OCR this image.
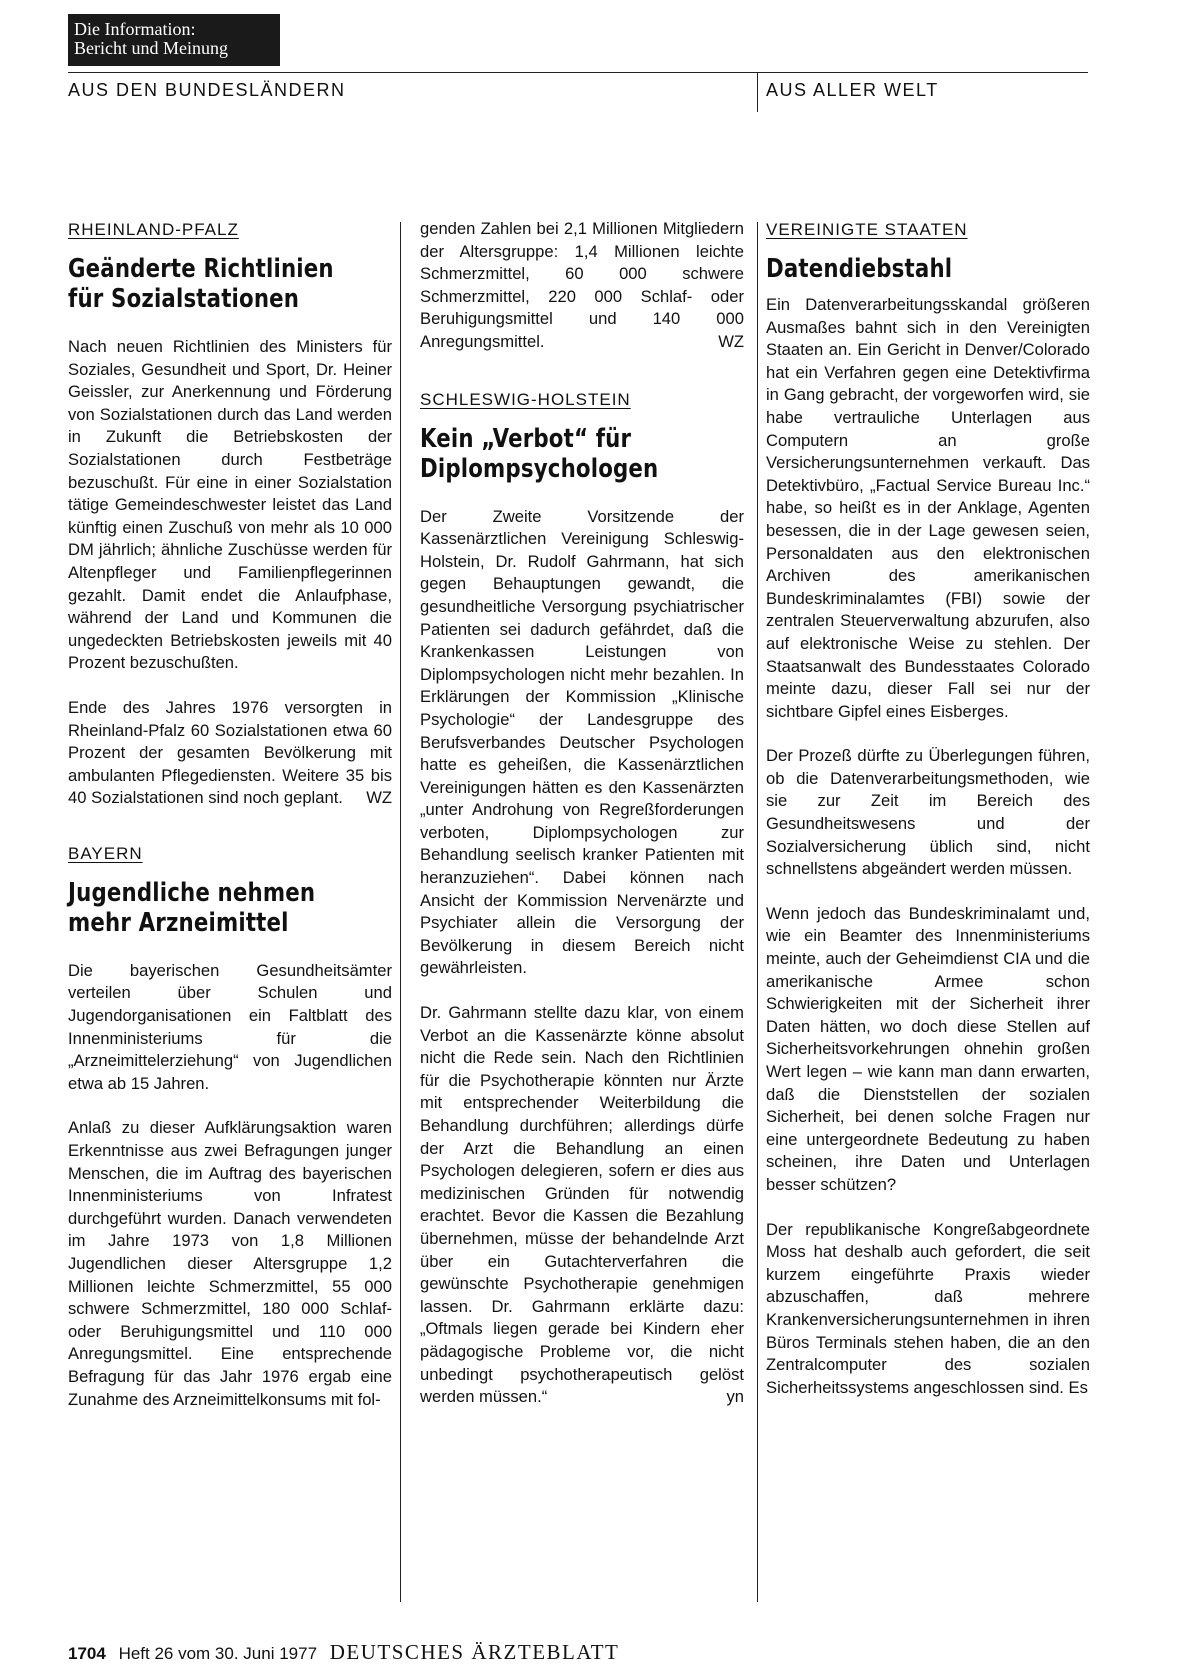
Die Information:
Bericht und Meinung
AUS DEN BUNDESLÄNDERN	AUS ALLER WELT
RHEINLAND-PFALZ
Geänderte Richtlinien
für Sozialstationen

Nach neuen Richtlinien des Ministers für Soziales, Gesundheit und Sport, Dr. Heiner Geissler, zur Anerkennung und Förderung von Sozialstationen durch das Land werden in Zukunft die Betriebskosten der Sozialstationen durch Festbeträge bezuschußt. Für eine in einer Sozialstation tätige Gemeindeschwester leistet das Land künftig einen Zuschuß von mehr als 10 000 DM jährlich; ähnliche Zuschüsse werden für Altenpfleger und Familienpflegerinnen gezahlt. Damit endet die Anlaufphase, während der Land und Kommunen die ungedeckten Betriebskosten jeweils mit 40 Prozent bezuschußten.

Ende des Jahres 1976 versorgten in Rheinland-Pfalz 60 Sozialstationen etwa 60 Prozent der gesamten Bevölkerung mit ambulanten Pflegediensten. Weitere 35 bis 40 Sozialstationen sind noch geplant. WZ

BAYERN
Jugendliche nehmen
mehr Arzneimittel

Die bayerischen Gesundheitsämter verteilen über Schulen und Jugendorganisationen ein Faltblatt des Innenministeriums für die „Arzneimittelerziehung“ von Jugendlichen etwa ab 15 Jahren.

Anlaß zu dieser Aufklärungsaktion waren Erkenntnisse aus zwei Befragungen junger Menschen, die im Auftrag des bayerischen Innenministeriums von Infratest durchgeführt wurden. Danach verwendeten im Jahre 1973 von 1,8 Millionen Jugendlichen dieser Altersgruppe 1,2 Millionen leichte Schmerzmittel, 55 000 schwere Schmerzmittel, 180 000 Schlaf- oder Beruhigungsmittel und 110 000 Anregungsmittel. Eine entsprechende Befragung für das Jahr 1976 ergab eine Zunahme des Arzneimittelkonsums mit fol-

genden Zahlen bei 2,1 Millionen Mitgliedern der Altersgruppe: 1,4 Millionen leichte Schmerzmittel, 60 000 schwere Schmerzmittel, 220 000 Schlaf- oder Beruhigungsmittel und 140 000 Anregungsmittel.	WZ

SCHLESWIG-HOLSTEIN
Kein „Verbot“ für
Diplompsychologen

Der Zweite Vorsitzende der Kassenärztlichen Vereinigung Schleswig-Holstein, Dr. Rudolf Gahrmann, hat sich gegen Behauptungen gewandt, die gesundheitliche Versorgung psychiatrischer Patienten sei dadurch gefährdet, daß die Krankenkassen Leistungen von Diplompsychologen nicht mehr bezahlen. In Erklärungen der Kommission „Klinische Psychologie“ der Landesgruppe des Berufsverbandes Deutscher Psychologen hatte es geheißen, die Kassenärztlichen Vereinigungen hätten es den Kassenärzten „unter Androhung von Regreßforderungen verboten, Diplompsychologen zur Behandlung seelisch kranker Patienten mit heranzuziehen“. Dabei können nach Ansicht der Kommission Nervenärzte und Psychiater allein die Versorgung der Bevölkerung in diesem Bereich nicht gewährleisten.

Dr. Gahrmann stellte dazu klar, von einem Verbot an die Kassenärzte könne absolut nicht die Rede sein. Nach den Richtlinien für die Psychotherapie könnten nur Ärzte mit entsprechender Weiterbildung die Behandlung durchführen; allerdings dürfe der Arzt die Behandlung an einen Psychologen delegieren, sofern er dies aus medizinischen Gründen für notwendig erachtet. Bevor die Kassen die Bezahlung übernehmen, müsse der behandelnde Arzt über ein Gutachterverfahren die gewünschte Psychotherapie genehmigen lassen. Dr. Gahrmann erklärte dazu: „Oftmals liegen gerade bei Kindern eher pädagogische Probleme vor, die nicht unbedingt psychotherapeutisch gelöst werden müssen.“	yn

VEREINIGTE STAATEN
Datendiebstahl

Ein Datenverarbeitungsskandal größeren Ausmaßes bahnt sich in den Vereinigten Staaten an. Ein Gericht in Denver/Colorado hat ein Verfahren gegen eine Detektivfirma in Gang gebracht, der vorgeworfen wird, sie habe vertrauliche Unterlagen aus Computern an große Versicherungsunternehmen verkauft. Das Detektivbüro, „Factual Service Bureau Inc.“ habe, so heißt es in der Anklage, Agenten besessen, die in der Lage gewesen seien, Personaldaten aus den elektronischen Archiven des amerikanischen Bundeskriminalamtes (FBI) sowie der zentralen Steuerverwaltung abzurufen, also auf elektronische Weise zu stehlen. Der Staatsanwalt des Bundesstaates Colorado meinte dazu, dieser Fall sei nur der sichtbare Gipfel eines Eisberges.

Der Prozeß dürfte zu Überlegungen führen, ob die Datenverarbeitungsmethoden, wie sie zur Zeit im Bereich des Gesundheitswesens und der Sozialversicherung üblich sind, nicht schnellstens abgeändert werden müssen.

Wenn jedoch das Bundeskriminalamt und, wie ein Beamter des Innenministeriums meinte, auch der Geheimdienst CIA und die amerikanische Armee schon Schwierigkeiten mit der Sicherheit ihrer Daten hätten, wo doch diese Stellen auf Sicherheitsvorkehrungen ohnehin großen Wert legen – wie kann man dann erwarten, daß die Dienststellen der sozialen Sicherheit, bei denen solche Fragen nur eine untergeordnete Bedeutung zu haben scheinen, ihre Daten und Unterlagen besser schützen?

Der republikanische Kongreßabgeordnete Moss hat deshalb auch gefordert, die seit kurzem eingeführte Praxis wieder abzuschaffen, daß mehrere Krankenversicherungsunternehmen in ihren Büros Terminals stehen haben, die an den Zentralcomputer des sozialen Sicherheitssystems angeschlossen sind. Es

1704 Heft 26 vom 30. Juni 1977 DEUTSCHES ÄRZTEBLATT
